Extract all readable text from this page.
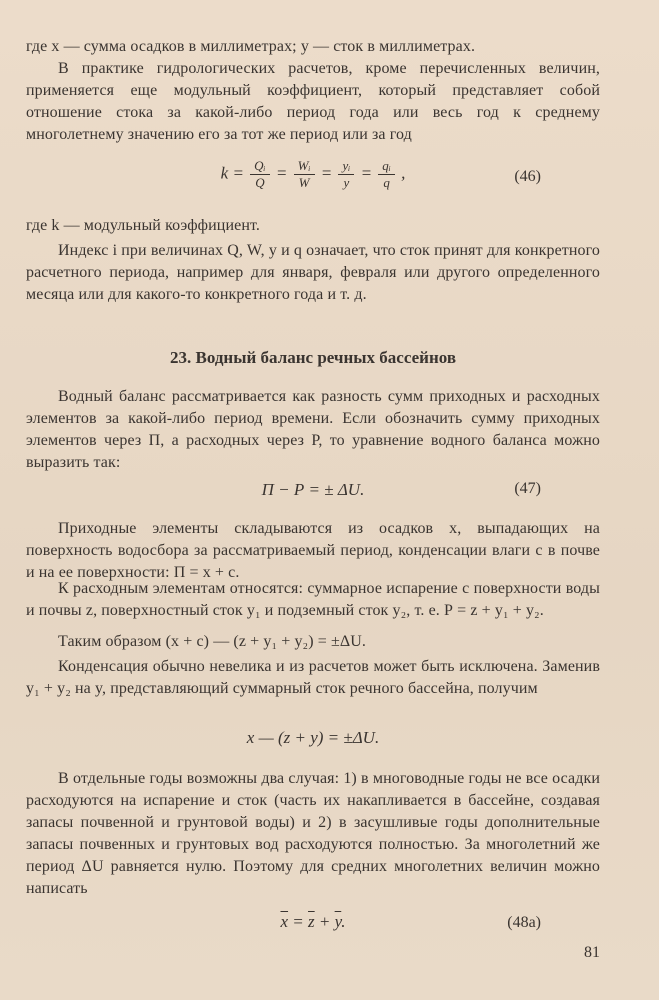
где x — сумма осадков в миллиметрах; y — сток в миллиметрах.
В практике гидрологических расчетов, кроме перечисленных величин, применяется еще модульный коэффициент, который представляет собой отношение стока за какой-либо период года или весь год к среднему многолетнему значению его за тот же период или за год
$k = \frac{\text{Qᵢ}}{Q} = \frac{\text{Wᵢ}}{W} = \frac{\text{yᵢ}}{y} = \frac{\text{qᵢ}}{q}$ ,	(46)
где k — модульный коэффициент.
Индекс i при величинах Q, W, y и q означает, что сток принят для конкретного расчетного периода, например для января, февраля или другого определенного месяца или для какого-то конкретного года и т. д.
23. Водный баланс речных бассейнов
Водный баланс рассматривается как разность сумм приходных и расходных элементов за какой-либо период времени. Если обозначить сумму приходных элементов через П, а расходных через Р, то уравнение водного баланса можно выразить так:
П − Р = ± ΔU.	(47)
Приходные элементы складываются из осадков x, выпадающих на поверхность водосбора за рассматриваемый период, конденсации влаги c в почве и на ее поверхности: П = x + c.
К расходным элементам относятся: суммарное испарение с поверхности воды и почвы z, поверхностный сток y₁ и подземный сток y₂, т. е. Р = z + y₁ + y₂.
Таким образом (x + c) — (z + y₁ + y₂) = ±ΔU.
Конденсация обычно невелика и из расчетов может быть исключена. Заменив y₁ + y₂ на y, представляющий суммарный сток речного бассейна, получим
x — (z + y) = ±ΔU.
В отдельные годы возможны два случая: 1) в многоводные годы не все осадки расходуются на испарение и сток (часть их накапливается в бассейне, создавая запасы почвенной и грунтовой воды) и 2) в засушливые годы дополнительные запасы почвенных и грунтовых вод расходуются полностью. За многолетний же период ΔU равняется нулю. Поэтому для средних многолетних величин можно написать
$\overline{x} = \overline{z} + \overline{y}$.	(48а)
81
